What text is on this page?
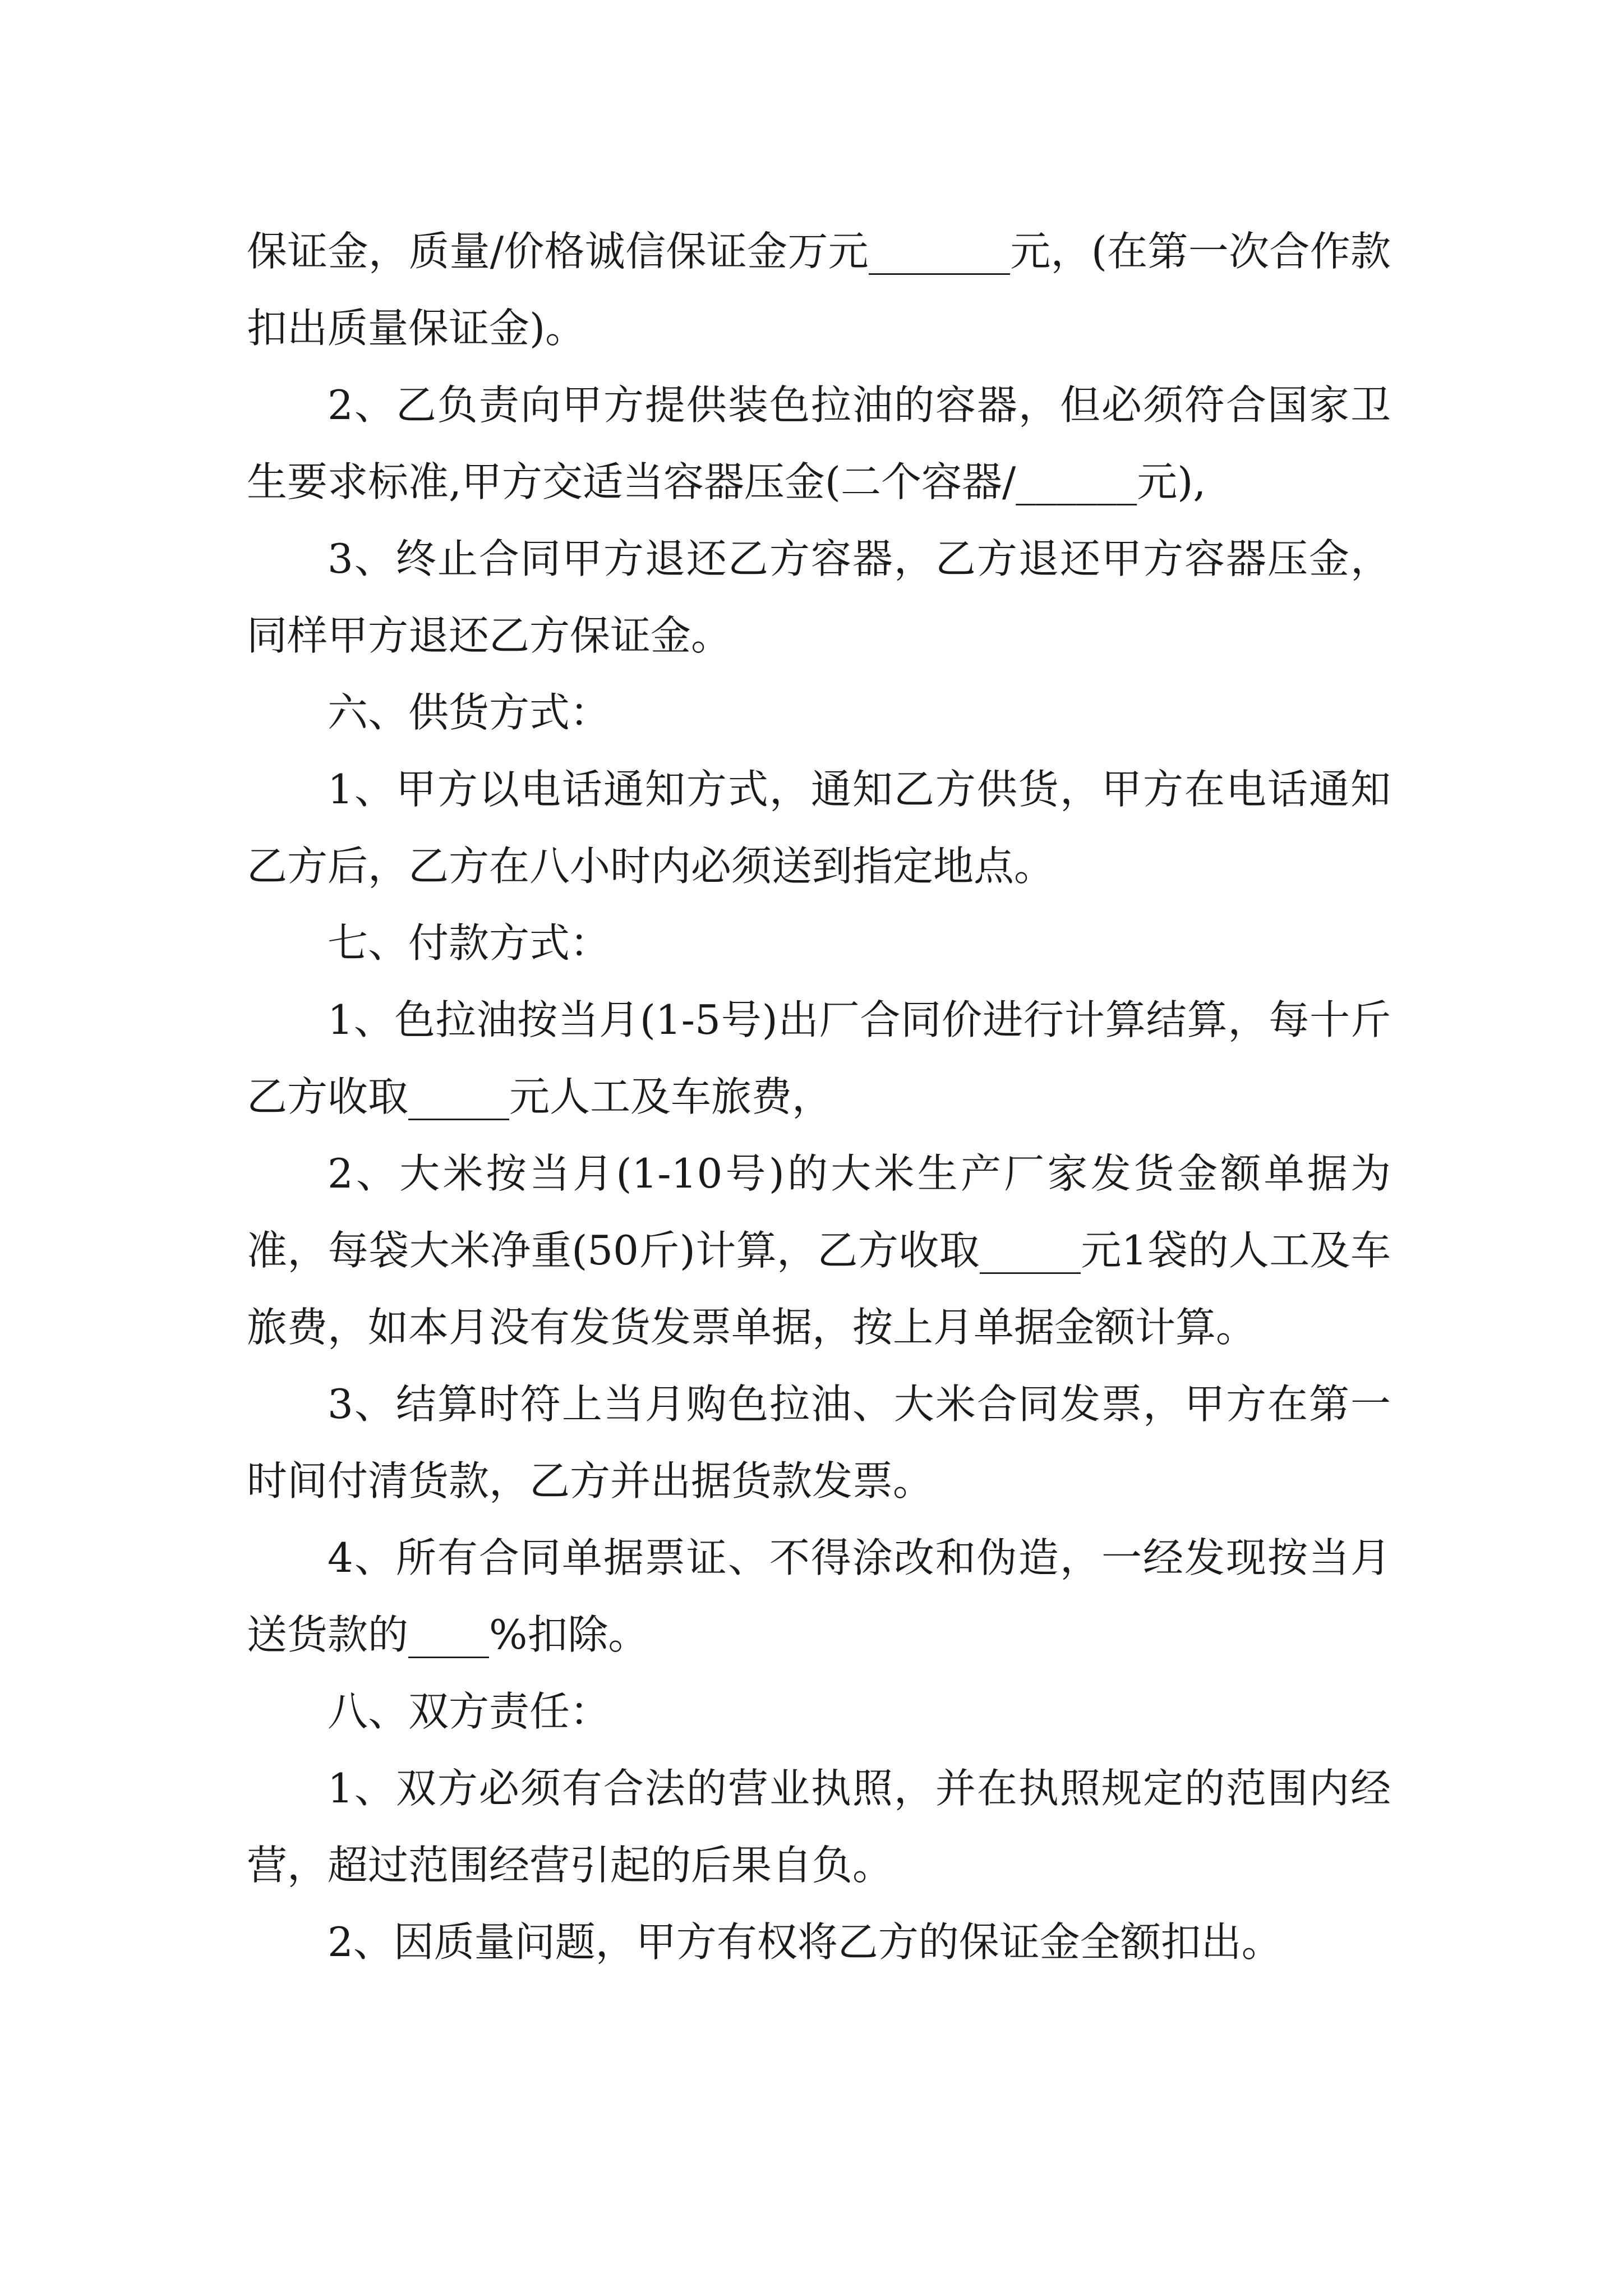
保证金，质量/价格诚信保证金万元_______元，(在第一次合作款扣出质量保证金)。

2、乙负责向甲方提供装色拉油的容器，但必须符合国家卫生要求标准,甲方交适当容器压金(二个容器/______元),

3、终止合同甲方退还乙方容器，乙方退还甲方容器压金，同样甲方退还乙方保证金。

六、供货方式：

1、甲方以电话通知方式，通知乙方供货，甲方在电话通知乙方后，乙方在八小时内必须送到指定地点。

七、付款方式：

1、色拉油按当月(1-5号)出厂合同价进行计算结算，每十斤乙方收取_____元人工及车旅费，

2、大米按当月(1-10号)的大米生产厂家发货金额单据为准，每袋大米净重(50斤)计算，乙方收取_____元1袋的人工及车旅费，如本月没有发货发票单据，按上月单据金额计算。

3、结算时符上当月购色拉油、大米合同发票，甲方在第一时间付清货款，乙方并出据货款发票。

4、所有合同单据票证、不得涂改和伪造，一经发现按当月送货款的____%扣除。

八、双方责任：

1、双方必须有合法的营业执照，并在执照规定的范围内经营，超过范围经营引起的后果自负。

2、因质量问题，甲方有权将乙方的保证金全额扣出。
